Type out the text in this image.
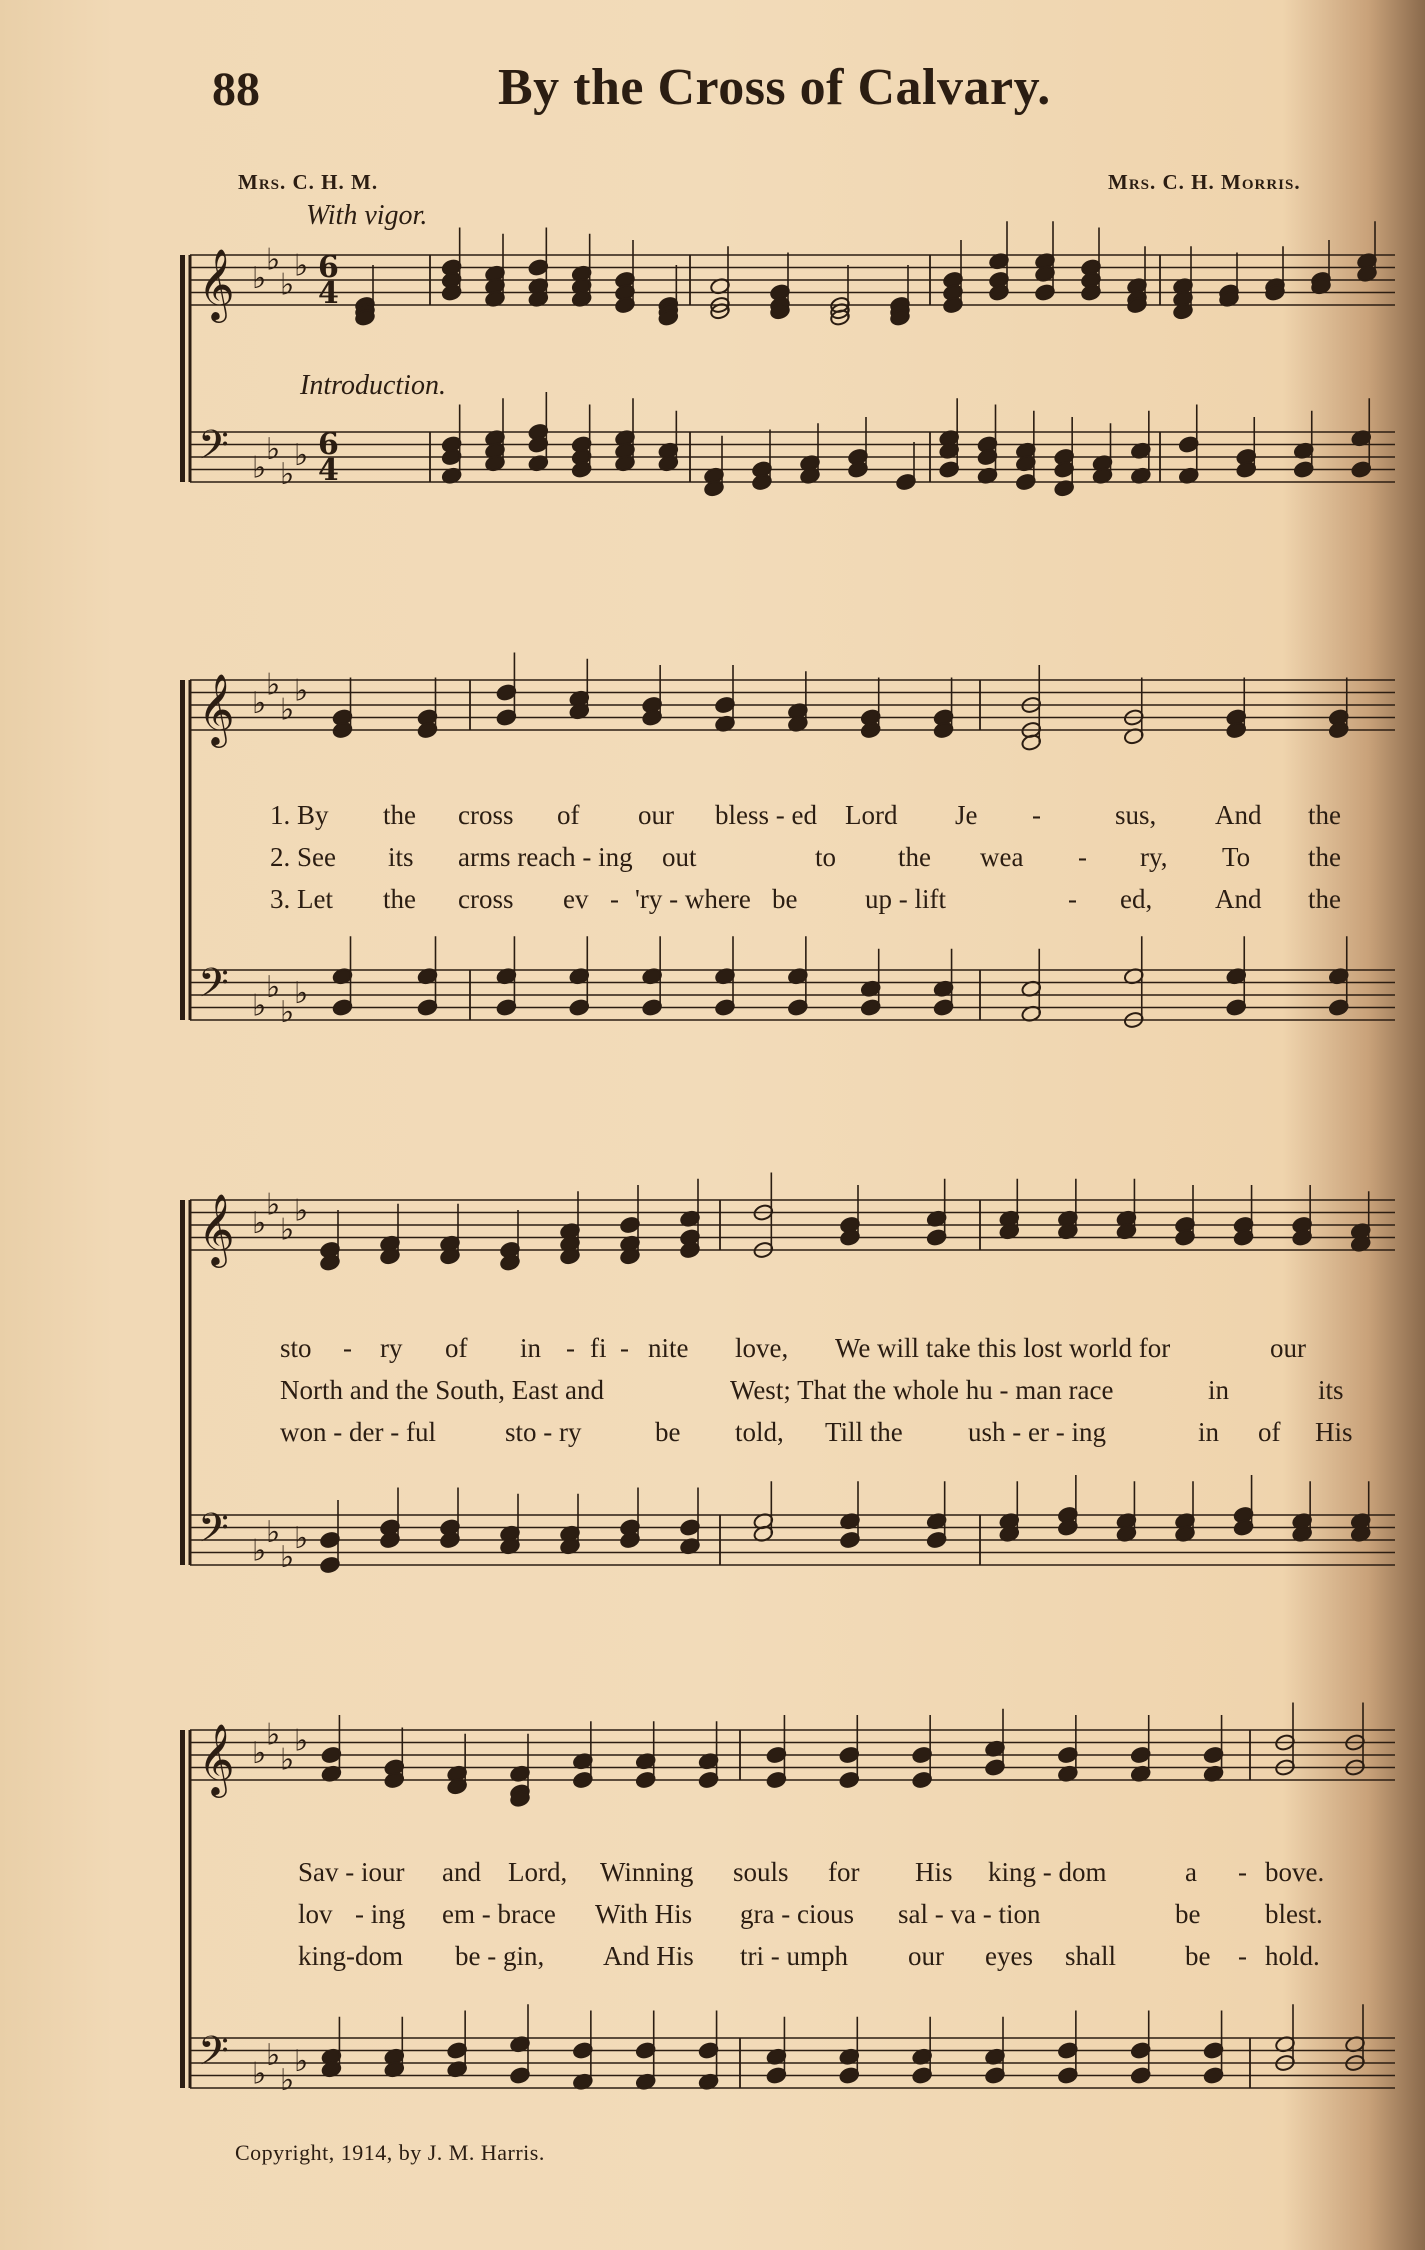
88	By the Cross of Calvary.
Mrs. C. H. M.	Mrs. C. H. Morris.
With vigor.
Introduction.
𝄞 ♭
♭
♭
♭ 6
4
𝄢 ♭
♭
♭
♭ 6
4
𝄞 ♭
♭
♭
♭
𝄢 ♭
♭
♭
♭
𝄞 ♭
♭
♭
♭
𝄢 ♭
♭
♭
♭
𝄞 ♭
♭
♭
♭
𝄢 ♭
♭
♭
♭
1. By the cross of our bless - ed Lord Je -	sus, And the
2. See its arms reach - ing out	to the wea - ry, To the
3. Let the cross ev - 'ry - where be	up - lift	- ed, And the
sto - ry of in - fi - nite love, We will take this lost world for	our
North and the South, East and	West; That the whole hu - man race	in	its
won - der - ful	sto - ry	be told, Till the ush - er - ing	in of His
Sav - iour and Lord, Winning souls for His king - dom	a - bove.
lov - ing em - brace With His gra - cious sal - va - tion	be blest.
king-dom be - gin, And His tri - umph our eyes shall	be - hold.
Copyright, 1914, by J. M. Harris.
